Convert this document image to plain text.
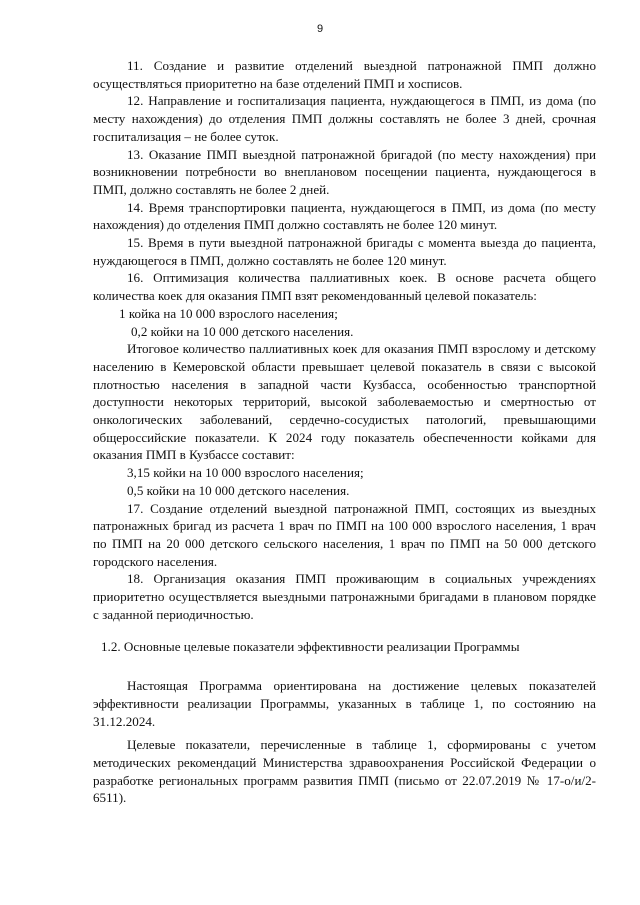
9

11. Создание и развитие отделений выездной патронажной ПМП должно осуществляться приоритетно на базе отделений ПМП и хосписов.

12. Направление и госпитализация пациента, нуждающегося в ПМП, из дома (по месту нахождения) до отделения ПМП должны составлять не более 3 дней, срочная госпитализация – не более суток.

13. Оказание ПМП выездной патронажной бригадой (по месту нахождения) при возникновении потребности во внеплановом посещении пациента, нуждающегося в ПМП, должно составлять не более 2 дней.

14. Время транспортировки пациента, нуждающегося в ПМП, из дома (по месту нахождения) до отделения ПМП должно составлять не более 120 минут.

15. Время в пути выездной патронажной бригады с момента выезда до пациента, нуждающегося в ПМП, должно составлять не более 120 минут.

16. Оптимизация количества паллиативных коек. В основе расчета общего количества коек для оказания ПМП взят рекомендованный целевой показатель:

1 койка на 10 000 взрослого населения;

0,2 койки на 10 000 детского населения.

Итоговое количество паллиативных коек для оказания ПМП взрослому и детскому населению в Кемеровской области превышает целевой показатель в связи с высокой плотностью населения в западной части Кузбасса, особенностью транспортной доступности некоторых территорий, высокой заболеваемостью и смертностью от онкологических заболеваний, сердечно-сосудистых патологий, превышающими общероссийские показатели. К 2024 году показатель обеспеченности койками для оказания ПМП в Кузбассе составит:

3,15 койки на 10 000 взрослого населения;

0,5 койки на 10 000 детского населения.

17. Создание отделений выездной патронажной ПМП, состоящих из выездных патронажных бригад из расчета 1 врач по ПМП на 100 000 взрослого населения, 1 врач по ПМП на 20 000 детского сельского населения, 1 врач по ПМП на 50 000 детского городского населения.

18. Организация оказания ПМП проживающим в социальных учреждениях приоритетно осуществляется выездными патронажными бригадами в плановом порядке с заданной периодичностью.

1.2. Основные целевые показатели эффективности реализации Программы

Настоящая Программа ориентирована на достижение целевых показателей эффективности реализации Программы, указанных в таблице 1, по состоянию на 31.12.2024.

Целевые показатели, перечисленные в таблице 1, сформированы с учетом методических рекомендаций Министерства здравоохранения Российской Федерации о разработке региональных программ развития ПМП (письмо от 22.07.2019 № 17-о/и/2-6511).
